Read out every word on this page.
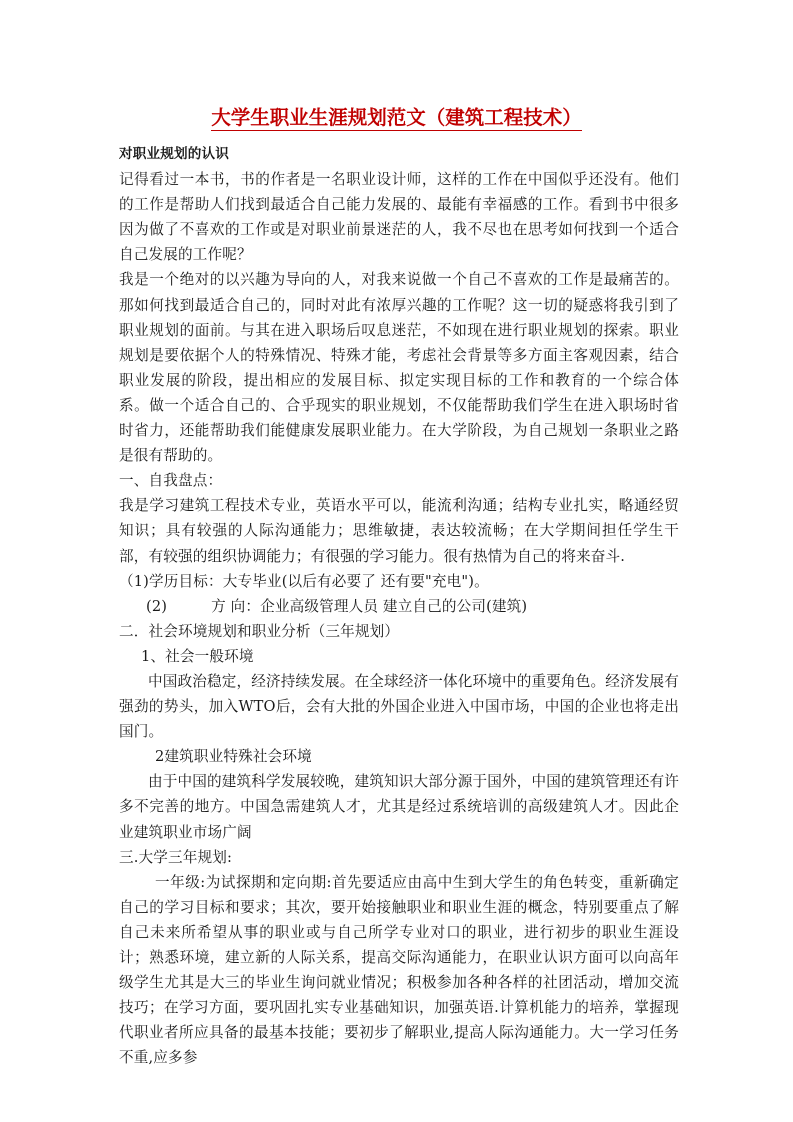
大学生职业生涯规划范文（建筑工程技术）

对职业规划的认识

记得看过一本书，书的作者是一名职业设计师，这样的工作在中国似乎还没有。他们的工作是帮助人们找到最适合自己能力发展的、最能有幸福感的工作。看到书中很多因为做了不喜欢的工作或是对职业前景迷茫的人，我不尽也在思考如何找到一个适合自己发展的工作呢？

我是一个绝对的以兴趣为导向的人，对我来说做一个自己不喜欢的工作是最痛苦的。那如何找到最适合自己的，同时对此有浓厚兴趣的工作呢？这一切的疑惑将我引到了职业规划的面前。与其在进入职场后叹息迷茫，不如现在进行职业规划的探索。职业规划是要依据个人的特殊情况、特殊才能，考虑社会背景等多方面主客观因素，结合职业发展的阶段，提出相应的发展目标、拟定实现目标的工作和教育的一个综合体系。做一个适合自己的、合乎现实的职业规划，不仅能帮助我们学生在进入职场时省时省力，还能帮助我们能健康发展职业能力。在大学阶段，为自己规划一条职业之路是很有帮助的。

一、自我盘点：

我是学习建筑工程技术专业，英语水平可以，能流利沟通；结构专业扎实，略通经贸知识；具有较强的人际沟通能力；思维敏捷，表达较流畅；在大学期间担任学生干部，有较强的组织协调能力；有很强的学习能力。很有热情为自己的将来奋斗.

（1)学历目标：大专毕业(以后有必要了 还有要"充电")。

(2)	方 向：企业高级管理人员 建立自己的公司(建筑)

二．社会环境规划和职业分析（三年规划）

1、社会一般环境

中国政治稳定，经济持续发展。在全球经济一体化环境中的重要角色。经济发展有强劲的势头，加入WTO后，会有大批的外国企业进入中国市场，中国的企业也将走出国门。

2建筑职业特殊社会环境

由于中国的建筑科学发展较晚，建筑知识大部分源于国外，中国的建筑管理还有许多不完善的地方。中国急需建筑人才，尤其是经过系统培训的高级建筑人才。因此企业建筑职业市场广阔

三.大学三年规划:

一年级:为试探期和定向期:首先要适应由高中生到大学生的角色转变，重新确定自己的学习目标和要求；其次，要开始接触职业和职业生涯的概念，特别要重点了解自己未来所希望从事的职业或与自己所学专业对口的职业，进行初步的职业生涯设计；熟悉环境，建立新的人际关系，提高交际沟通能力，在职业认识方面可以向高年级学生尤其是大三的毕业生询问就业情况；积极参加各种各样的社团活动，增加交流技巧；在学习方面，要巩固扎实专业基础知识，加强英语.计算机能力的培养，掌握现代职业者所应具备的最基本技能；要初步了解职业,提高人际沟通能力。大一学习任务不重,应多参
